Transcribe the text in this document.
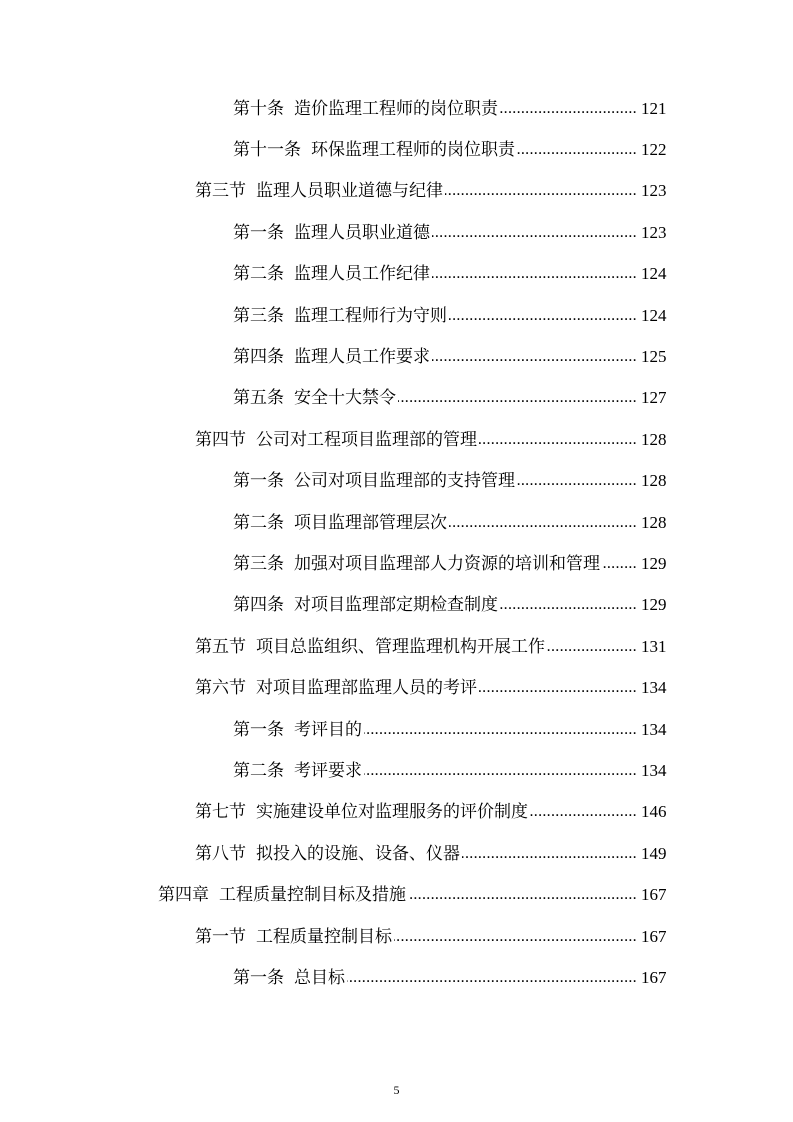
第十条 造价监理工程师的岗位职责 .....	121
第十一条 环保监理工程师的岗位职责 .....	122
第三节 监理人员职业道德与纪律 .....	123
第一条 监理人员职业道德 .....	123
第二条 监理人员工作纪律 .....	124
第三条 监理工程师行为守则 .....	124
第四条 监理人员工作要求 .....	125
第五条 安全十大禁令 .....	127
第四节 公司对工程项目监理部的管理 .....	128
第一条 公司对项目监理部的支持管理 .....	128
第二条 项目监理部管理层次 .....	128
第三条 加强对项目监理部人力资源的培训和管理 ..... 129
第四条 对项目监理部定期检查制度 .....	129
第五节 项目总监组织、管理监理机构开展工作 .....	131
第六节 对项目监理部监理人员的考评 .....	134
第一条 考评目的 .....	134
第二条 考评要求 .....	134
第七节 实施建设单位对监理服务的评价制度 .....	146
第八节 拟投入的设施、设备、仪器 .....	149
第四章 工程质量控制目标及措施 .....	167
第一节 工程质量控制目标 .....	167
第一条 总目标 .....	167
5
